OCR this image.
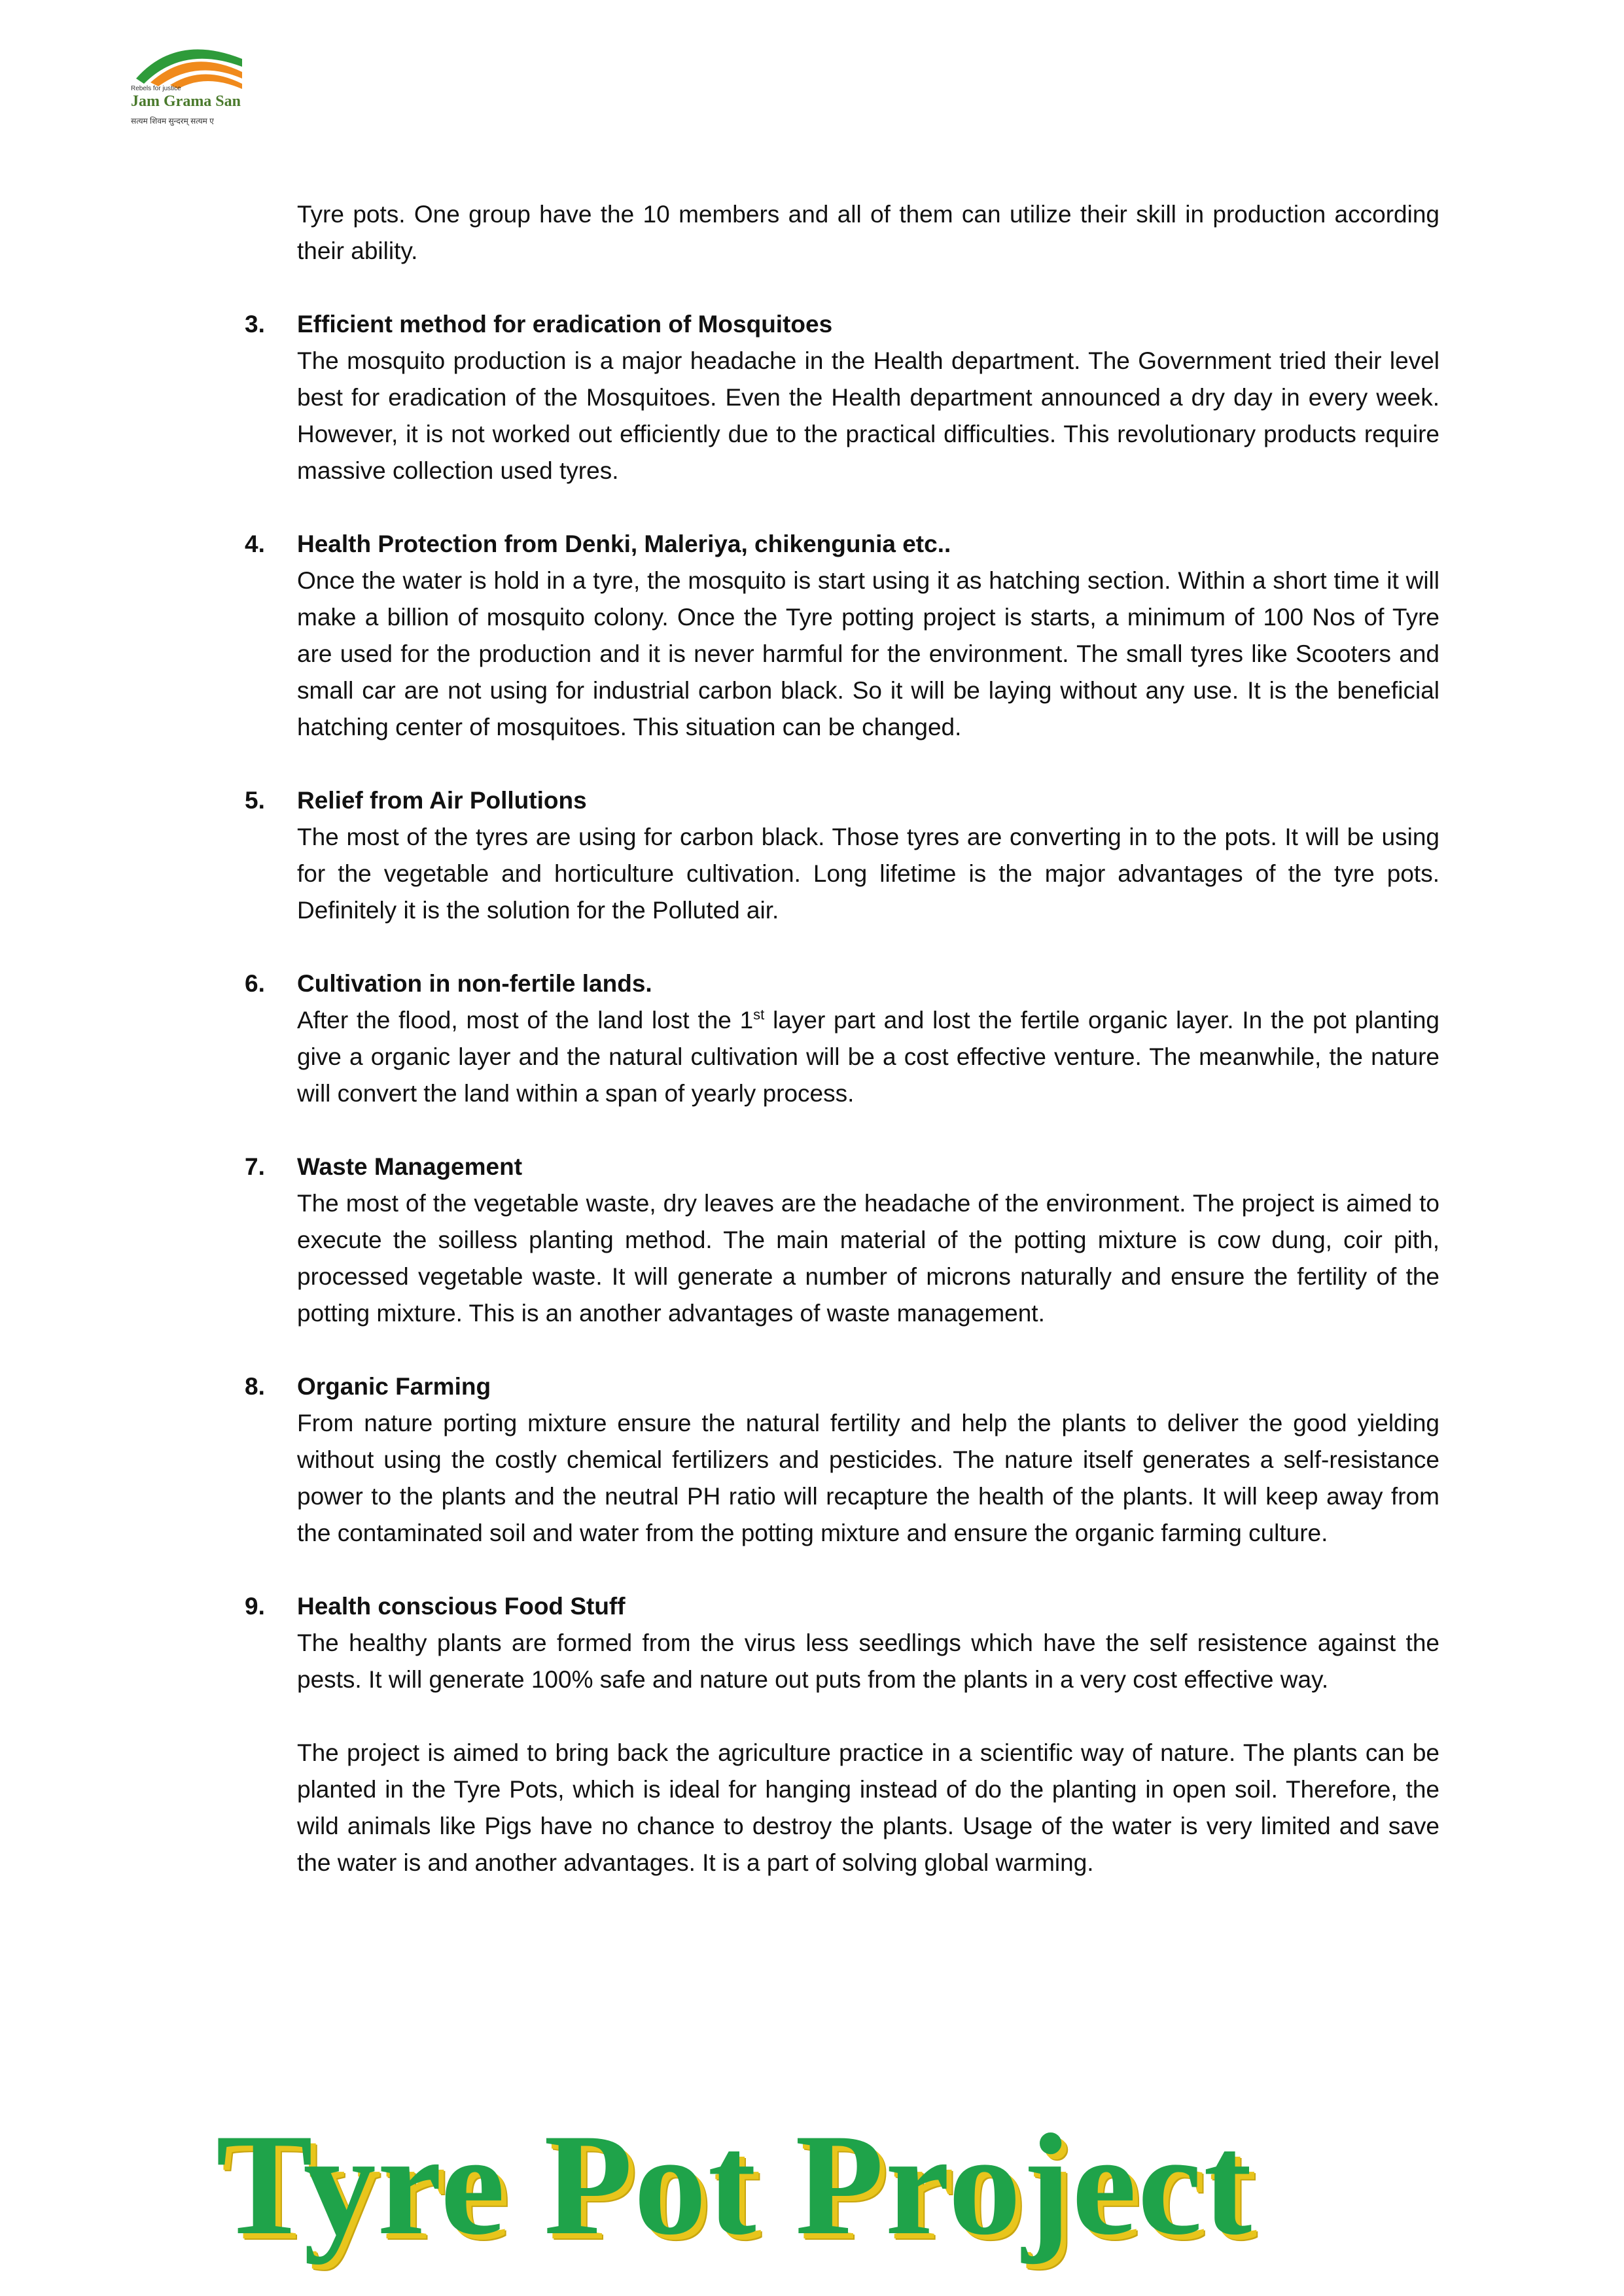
Rebels for justice
Jam Grama San
सत्यम शिवम सुन्दरम् सत्यम ए

Tyre pots. One group have the 10 members and all of them can utilize their skill in production according their ability.

3. Efficient method for eradication of Mosquitoes

The mosquito production is a major headache in the Health department. The Government tried their level best for eradication of the Mosquitoes. Even the Health department announced a dry day in every week. However, it is not worked out efficiently due to the practical difficulties. This revolutionary products require massive collection used tyres.

4. Health Protection from Denki, Maleriya, chikengunia etc..

Once the water is hold in a tyre, the mosquito is start using it as hatching section. Within a short time it will make a billion of mosquito colony. Once the Tyre potting project is starts, a minimum of 100 Nos of Tyre are used for the production and it is never harmful for the environment. The small tyres like Scooters and small car are not using for industrial carbon black. So it will be laying without any use. It is the beneficial hatching center of mosquitoes. This situation can be changed.

5. Relief from Air Pollutions

The most of the tyres are using for carbon black. Those tyres are converting in to the pots. It will be using for the vegetable and horticulture cultivation. Long lifetime is the major advantages of the tyre pots. Definitely it is the solution for the Polluted air.

6. Cultivation in non-fertile lands.

After the flood, most of the land lost the 1st layer part and lost the fertile organic layer. In the pot planting give a organic layer and the natural cultivation will be a cost effective venture. The meanwhile, the nature will convert the land within a span of yearly process.

7. Waste Management

The most of the vegetable waste, dry leaves are the headache of the environment. The project is aimed to execute the soilless planting method. The main material of the potting mixture is cow dung, coir pith, processed vegetable waste. It will generate a number of microns naturally and ensure the fertility of the potting mixture. This is an another advantages of waste management.

8. Organic Farming

From nature porting mixture ensure the natural fertility and help the plants to deliver the good yielding without using the costly chemical fertilizers and pesticides. The nature itself generates a self-resistance power to the plants and the neutral PH ratio will recapture the health of the plants. It will keep away from the contaminated soil and water from the potting mixture and ensure the organic farming culture.

9. Health conscious Food Stuff

The healthy plants are formed from the virus less seedlings which have the self resistence against the pests. It will generate 100% safe and nature out puts from the plants in a very cost effective way.

The project is aimed to bring back the agriculture practice in a scientific way of nature. The plants can be planted in the Tyre Pots, which is ideal for hanging instead of do the planting in open soil. Therefore, the wild animals like Pigs have no chance to destroy the plants. Usage of the water is very limited and save the water is and another advantages. It is a part of solving global warming.

Tyre Pot Project
